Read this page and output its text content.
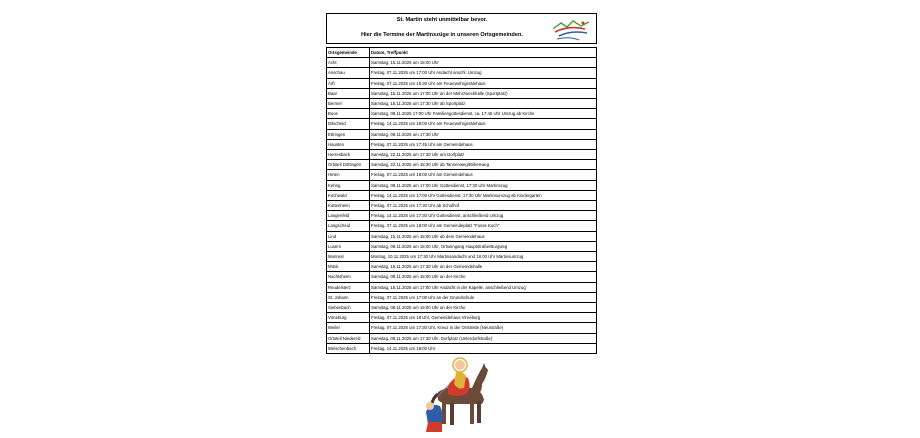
St. Martin steht unmittelbar bevor.
Hier die Termine der Martinszüge in unseren Ortsgemeinden.
Ortsgemeinde	Datum, Treffpunkt
Acht	Samstag, 15.11.2025 um 18:00 Uhr
Anschau	Freitag, 07.11.2025 um 17:00 Uhr Andacht anschl. Umzug
Arft	Freitag, 07.11.2025 um 16:30 Uhr am Feuerwehrgerätehaus
Baar	Samstag, 15.11.2025 um 17:00 Uhr an der Mehrzweckhalle (Sportplatz)
Bermel	Samstag, 15.11.2025 um 17:30 Uhr ab Sportplatz
Boos	Samstag, 08.11.2025 17:00 Uhr Familiengottesdienst, ca. 17:45 Uhr Umzug ab Kirche
Ditscheid	Freitag, 14.11.2025 um 18:00 Uhr am Feuerwehrgerätehaus
Ettringen	Samstag, 08.11.2025 um 17:30 Uhr
Hausten	Freitag, 07.11.2025 um 17:45 Uhr am Gemeindehaus
Herresbach	Samstag, 22.11.2025 um 17:30 Uhr am Dorfplatz
Ortsteil Döttingen	Samstag, 22.11.2025 um 18:30 Uhr ab Tannenweg/Birkenweg
Hirten	Freitag, 07.11.2025 um 18:00 Uhr am Gemeindehaus
Kehrig	Samstag, 08.11.2025 um 17:00 Uhr Gottesdienst, 17:30 Uhr Martinszug
Kirchwald	Freitag, 14.11.2025 um 17:00 Uhr Gottesdienst, 17:30 Uhr Martinsumzug ab Kindergarten
Kottenheim	Freitag, 07.11.2025 um 17:30 Uhr ab Schulhof
Langenfeld	Freitag, 14.11.2025 um 17:30 Uhr Gottesdienst, anschließend Umzug
Langscheid	Freitag, 07.11.2025 um 18:00 Uhr am Gemeindeplatz "Fusse Koch"
Lind	Samstag, 15.11.2025 um 18:00 Uhr ab dem Gemeindehaus
Luxem	Samstag, 08.11.2025 um 18:00 Uhr, Ortseingang Hauptstraße/Burgweg
Monreal	Montag, 10.11.2025 um 17:30 Uhr Martinsandacht und 18.00 Uhr Martinsumzug
Münk	Samstag, 15.11.2025 um 17:30 Uhr an der Gemeindehalle
Nachtsheim	Samstag, 08.11.2025 um 18:00 Uhr an der Kirche
Reudelsterz	Samstag, 15.11.2025 um 17:00 Uhr Andacht in der Kapelle, anschließend Umzug
St. Johann	Freitag, 07.11.2025 um 17:00 Uhr an der Grundschule
Siebenbach	Samstag, 08.11.2025 um 19:00 Uhr an der Kirche
Virneburg	Freitag, 07.11.2025 um 18 Uhr, Gemeindehaus Virneburg
Weiler	Freitag, 07.11.2025 um 17:30 Uhr, Kreuz in der Ortsmitte (Neustraße)
Ortsteil Niederelz	Samstag, 08.11.2025 um 17:30 Uhr, Dorfplatz (Unterdorfstraße)
Welschenbach	Freitag, 14.11.2025 um 18:00 Uhr
